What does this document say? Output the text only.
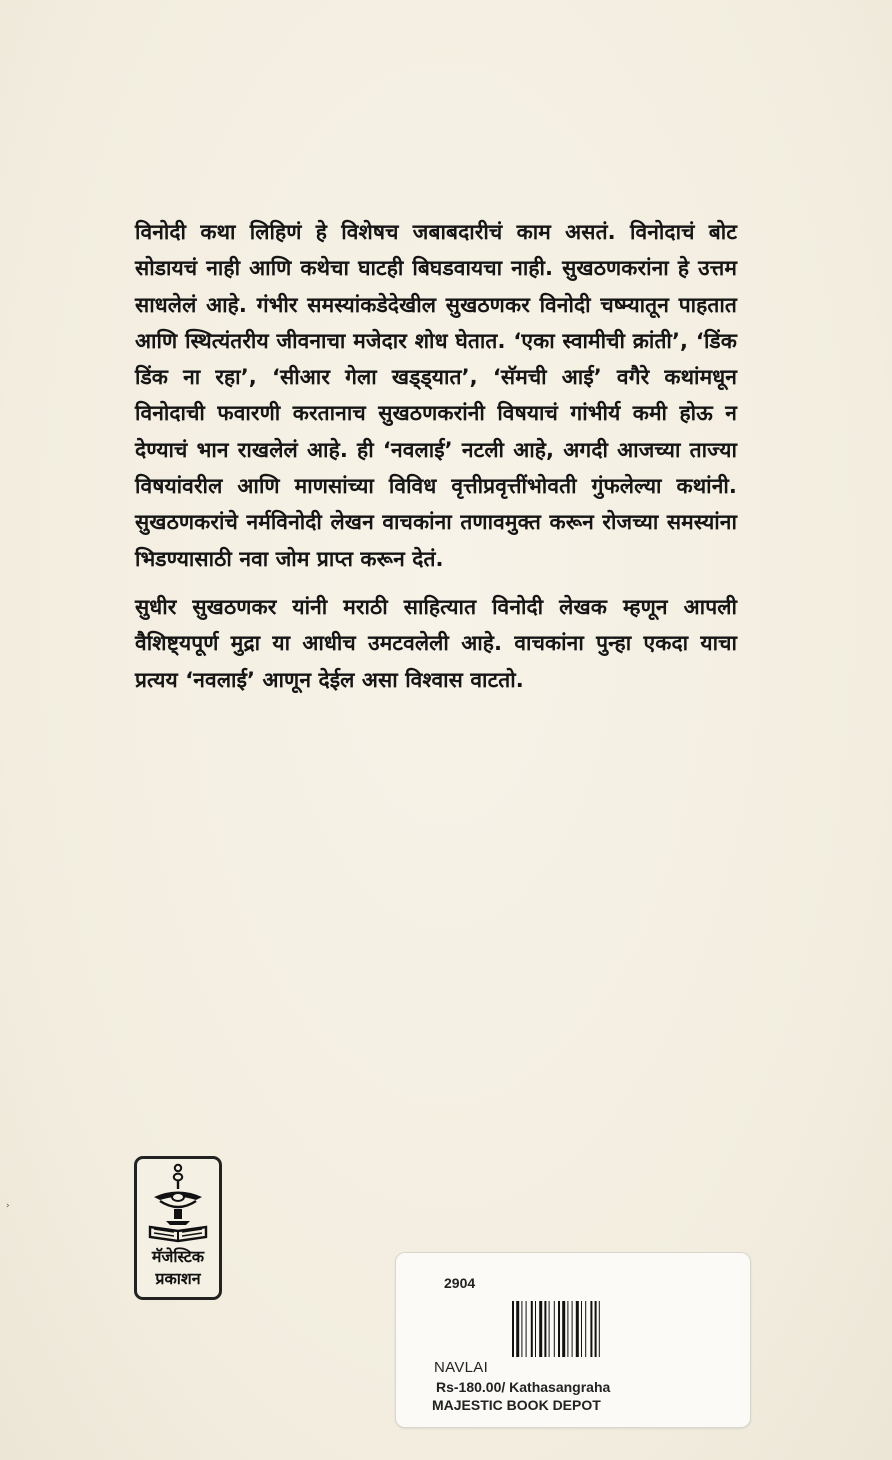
विनोदी कथा लिहिणं हे विशेषच जबाबदारीचं काम असतं. विनोदाचं बोट सोडायचं नाही आणि कथेचा घाटही बिघडवायचा नाही. सुखठणकरांना हे उत्तम साधलेलं आहे. गंभीर समस्यांकडेदेखील सुखठणकर विनोदी चष्म्यातून पाहतात आणि स्थित्यंतरीय जीवनाचा मजेदार शोध घेतात. ‘एका स्वामीची क्रांती’, ‘डिंक डिंक ना रहा’, ‘सीआर गेला खड्ड्यात’, ‘सॅमची आई’ वगैरे कथांमधून विनोदाची फवारणी करतानाच सुखठणकरांनी विषयाचं गांभीर्य कमी होऊ न देण्याचं भान राखलेलं आहे. ही ‘नवलाई’ नटली आहे, अगदी आजच्या ताज्या विषयांवरील आणि माणसांच्या विविध वृत्तीप्रवृत्तींभोवती गुंफलेल्या कथांनी. सुखठणकरांचे नर्मविनोदी लेखन वाचकांना तणावमुक्त करून रोजच्या समस्यांना भिडण्यासाठी नवा जोम प्राप्त करून देतं.

सुधीर सुखठणकर यांनी मराठी साहित्यात विनोदी लेखक म्हणून आपली वैशिष्ट्यपूर्ण मुद्रा या आधीच उमटवलेली आहे. वाचकांना पुन्हा एकदा याचा प्रत्यय ‘नवलाई’ आणून देईल असा विश्वास वाटतो.

›
मॅजेस्टिक
प्रकाशन	2904
NAVLAI
Rs-180.00/ Kathasangraha
MAJESTIC BOOK DEPOT
